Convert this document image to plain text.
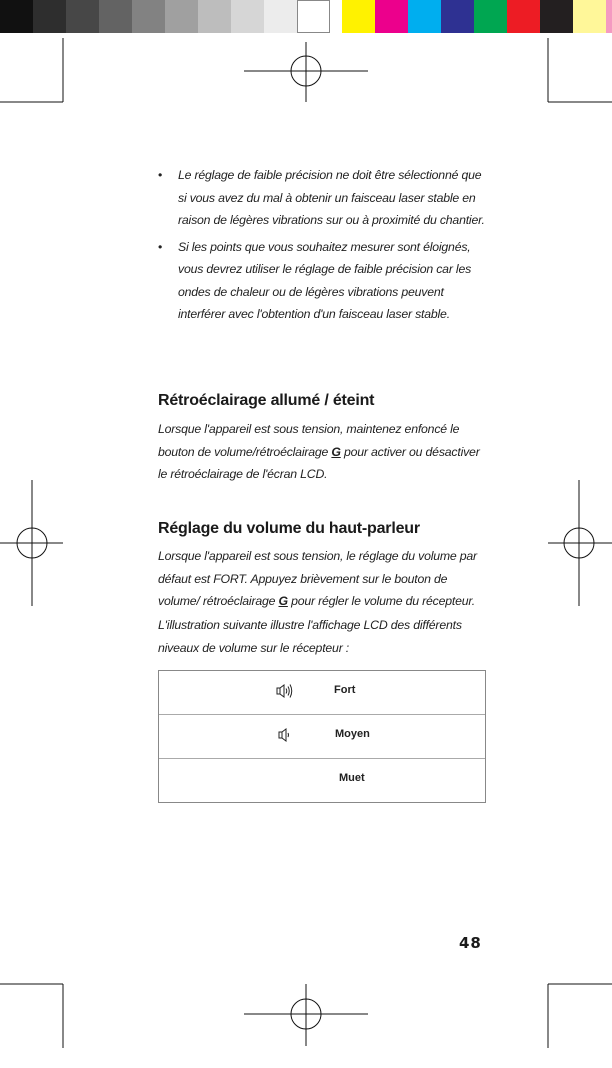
• Le réglage de faible précision ne doit être sélectionné que si vous avez du mal à obtenir un faisceau laser stable en raison de légères vibrations sur ou à proximité du chantier.
• Si les points que vous souhaitez mesurer sont éloignés, vous devrez utiliser le réglage de faible précision car les ondes de chaleur ou de légères vibrations peuvent interférer avec l'obtention d'un faisceau laser stable.
Rétroéclairage allumé / éteint

Lorsque l'appareil est sous tension, maintenez enfoncé le bouton de volume/rétroéclairage G pour activer ou désactiver le rétroéclairage de l'écran LCD.

Réglage du volume du haut-parleur

Lorsque l'appareil est sous tension, le réglage du volume par défaut est FORT. Appuyez brièvement sur le bouton de volume/ rétroéclairage G pour régler le volume du récepteur.

L'illustration suivante illustre l'affichage LCD des différents niveaux de volume sur le récepteur :

Fort
Moyen
Muet
48
